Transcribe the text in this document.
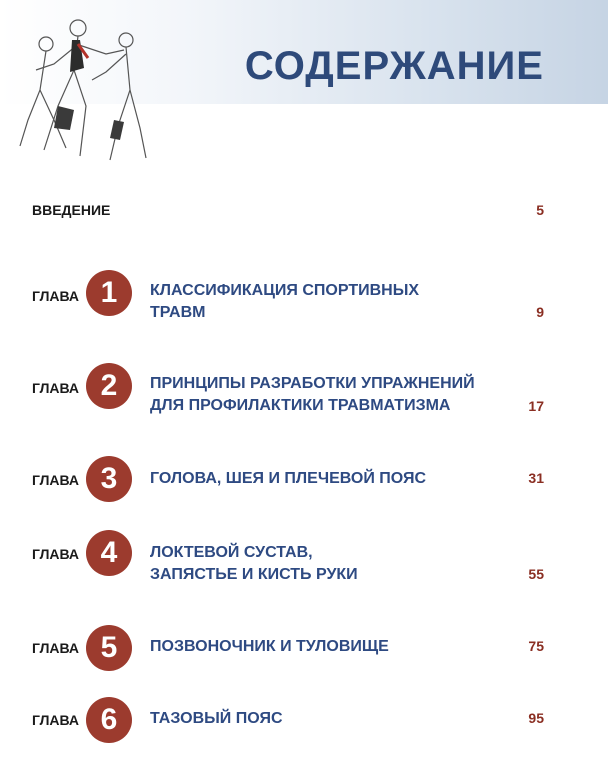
СОДЕРЖАНИЕ
ВВЕДЕНИЕ	5
ГЛАВА 1	КЛАССИФИКАЦИЯ СПОРТИВНЫХ
ТРАВМ	9
ГЛАВА 2	ПРИНЦИПЫ РАЗРАБОТКИ УПРАЖНЕНИЙ
ДЛЯ ПРОФИЛАКТИКИ ТРАВМАТИЗМА	17
ГЛАВА 3	ГОЛОВА, ШЕЯ И ПЛЕЧЕВОЙ ПОЯС	31
ГЛАВА 4	ЛОКТЕВОЙ СУСТАВ,
ЗАПЯСТЬЕ И КИСТЬ РУКИ	55
ГЛАВА 5	ПОЗВОНОЧНИК И ТУЛОВИЩЕ	75
ГЛАВА 6	ТАЗОВЫЙ ПОЯС	95
